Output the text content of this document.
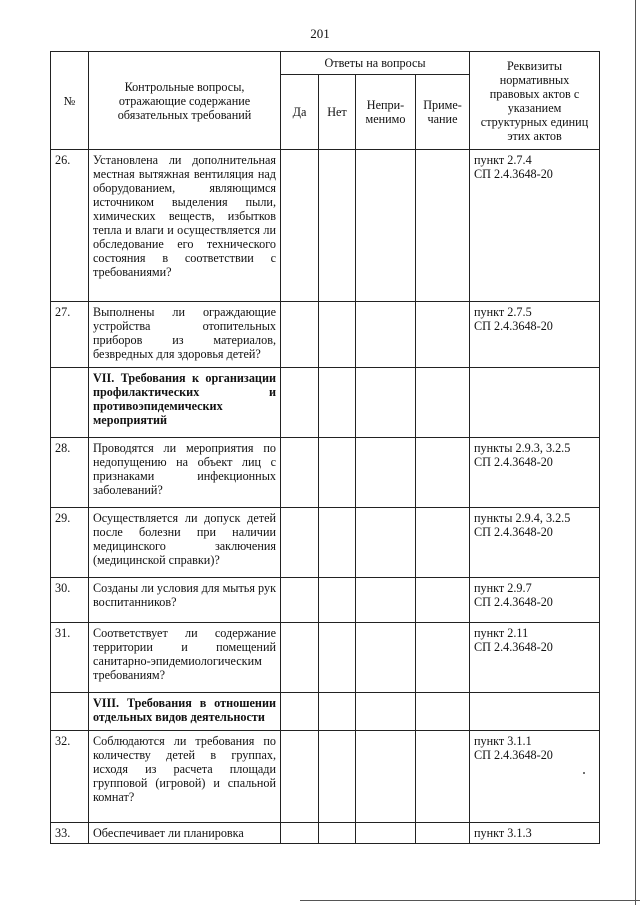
201
№	Контрольные вопросы, отражающие содержание обязательных требований	Ответы на вопросы				Реквизиты нормативных правовых актов с указанием структурных единиц этих актов
		Да	Нет	Непри-менимо	Приме-чание	
26.	Установлена ли дополнительная местная вытяжная вентиляция над оборудованием, являющимся источником выделения пыли, химических веществ, избытков тепла и влаги и осуществляется ли обследование его технического состояния в соответствии с требованиями?					пункт 2.7.4
СП 2.4.3648-20

27.	Выполнены ли ограждающие устройства отопительных приборов из материалов, безвредных для здоровья детей?					пункт 2.7.5
СП 2.4.3648-20

	VII. Требования к организации профилактических и противоэпидемических мероприятий					

28.	Проводятся ли мероприятия по недопущению на объект лиц с признаками инфекционных заболеваний?					пункты 2.9.3, 3.2.5
СП 2.4.3648-20

29.	Осуществляется ли допуск детей после болезни при наличии медицинского заключения (медицинской справки)?					пункты 2.9.4, 3.2.5
СП 2.4.3648-20

30.	Созданы ли условия для мытья рук воспитанников?					пункт 2.9.7
СП 2.4.3648-20

31.	Соответствует ли содержание территории и помещений санитарно-эпидемиологическим требованиям?					пункт 2.11
СП 2.4.3648-20

	VIII. Требования в отношении отдельных видов деятельности					

32.	Соблюдаются ли требования по количеству детей в группах, исходя из расчета площади групповой (игровой) и спальной комнат?					пункт 3.1.1
СП 2.4.3648-20

33.	Обеспечивает ли планировка					пункт 3.1.3
